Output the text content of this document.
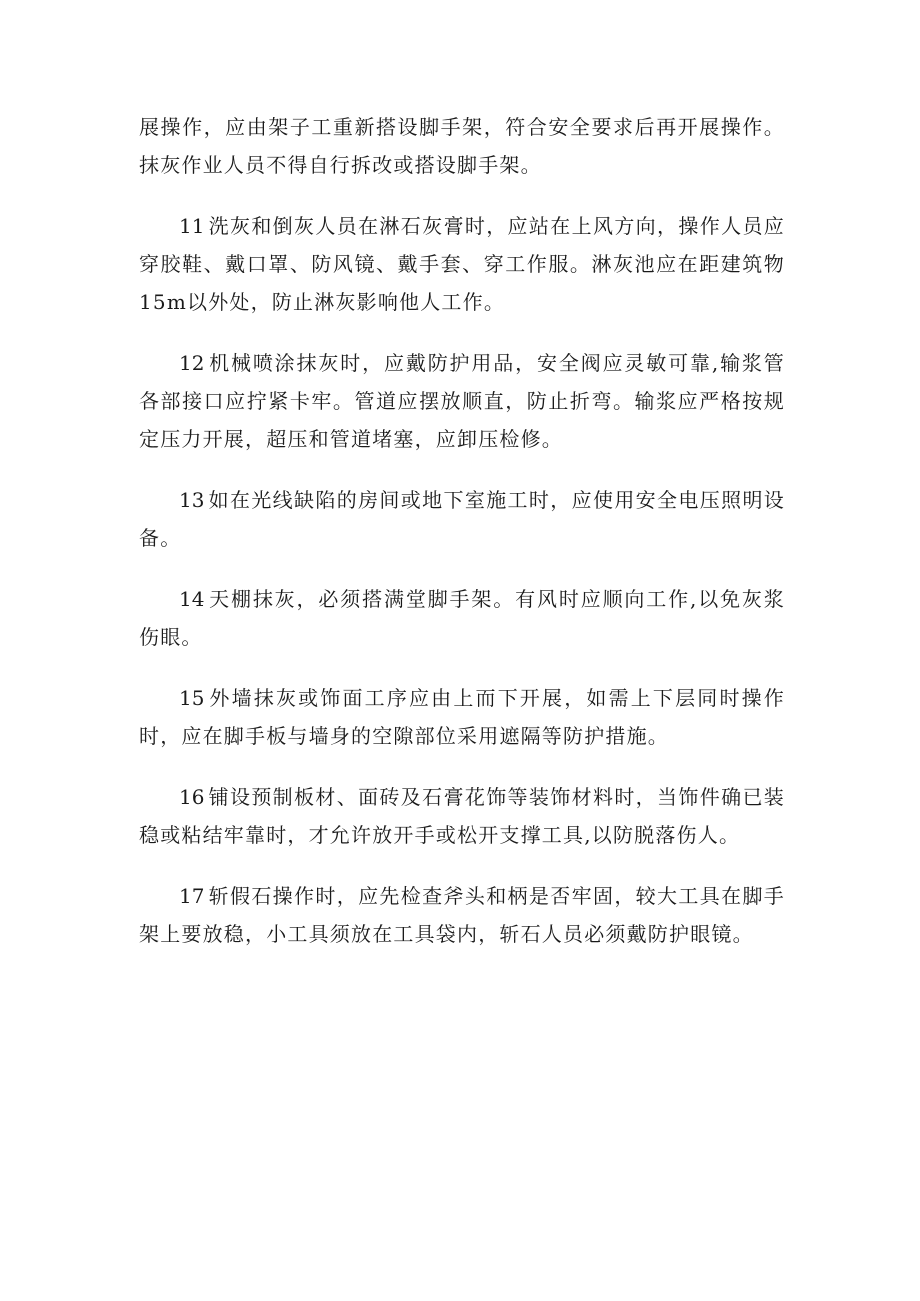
展操作，应由架子工重新搭设脚手架，符合安全要求后再开展操作。抹灰作业人员不得自行拆改或搭设脚手架。

11 洗灰和倒灰人员在淋石灰膏时，应站在上风方向，操作人员应穿胶鞋、戴口罩、防风镜、戴手套、穿工作服。淋灰池应在距建筑物15m以外处，防止淋灰影响他人工作。

12 机械喷涂抹灰时，应戴防护用品，安全阀应灵敏可靠,输浆管各部接口应拧紧卡牢。管道应摆放顺直，防止折弯。输浆应严格按规定压力开展，超压和管道堵塞，应卸压检修。

13 如在光线缺陷的房间或地下室施工时，应使用安全电压照明设备。

14 天棚抹灰，必须搭满堂脚手架。有风时应顺向工作,以免灰浆伤眼。

15 外墙抹灰或饰面工序应由上而下开展，如需上下层同时操作时，应在脚手板与墙身的空隙部位采用遮隔等防护措施。

16 铺设预制板材、面砖及石膏花饰等装饰材料时，当饰件确已装稳或粘结牢靠时，才允许放开手或松开支撑工具,以防脱落伤人。

17 斩假石操作时，应先检查斧头和柄是否牢固，较大工具在脚手架上要放稳，小工具须放在工具袋内，斩石人员必须戴防护眼镜。
